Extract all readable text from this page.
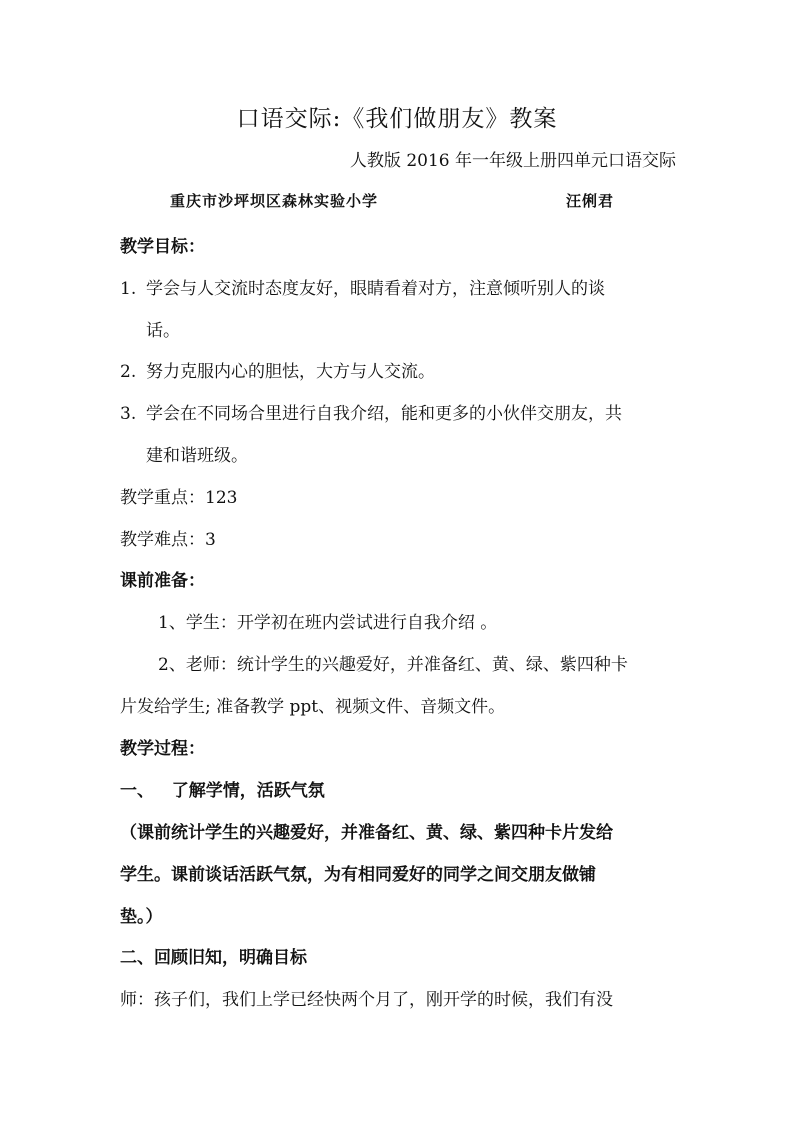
口语交际:《我们做朋友》教案
人教版 2016 年一年级上册四单元口语交际
重庆市沙坪坝区森林实验小学	汪俐君
教学目标：
1. 学会与人交流时态度友好，眼睛看着对方，注意倾听别人的谈
话。
2. 努力克服内心的胆怯，大方与人交流。
3. 学会在不同场合里进行自我介绍，能和更多的小伙伴交朋友，共
建和谐班级。
教学重点：123
教学难点：3
课前准备：
1、学生：开学初在班内尝试进行自我介绍 。
2、老师：统计学生的兴趣爱好，并准备红、黄、绿、紫四种卡
片发给学生; 准备教学 ppt、视频文件、音频文件。
教学过程：
一、   了解学情，活跃气氛
（课前统计学生的兴趣爱好，并准备红、黄、绿、紫四种卡片发给
学生。课前谈话活跃气氛，为有相同爱好的同学之间交朋友做铺
垫。）
二、回顾旧知，明确目标
师：孩子们，我们上学已经快两个月了，刚开学的时候，我们有没
